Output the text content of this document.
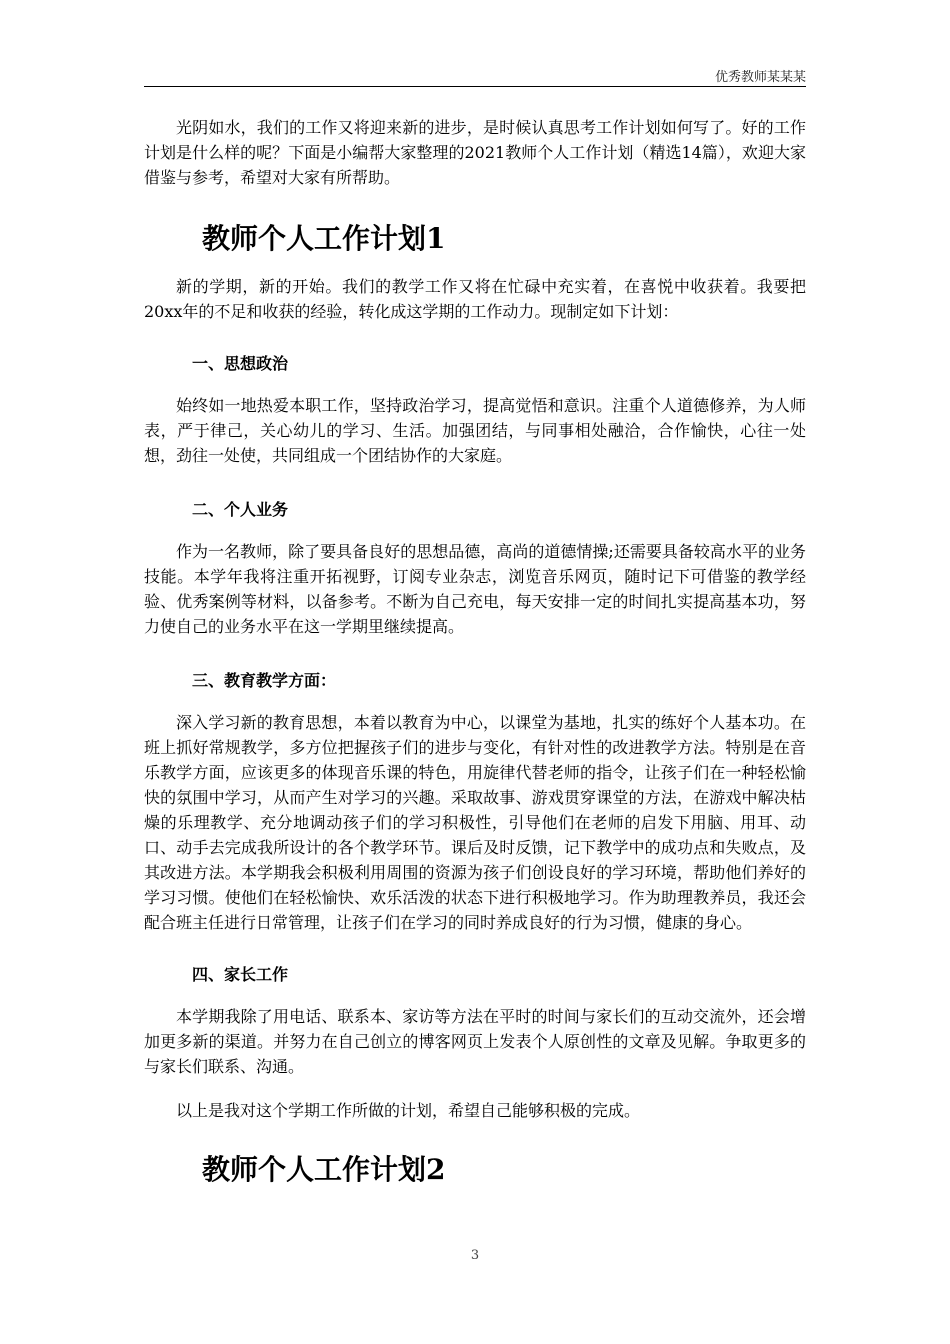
优秀教师某某某

光阴如水，我们的工作又将迎来新的进步，是时候认真思考工作计划如何写了。好的工作计划是什么样的呢？下面是小编帮大家整理的2021教师个人工作计划（精选14篇），欢迎大家借鉴与参考，希望对大家有所帮助。

教师个人工作计划1

新的学期，新的开始。我们的教学工作又将在忙碌中充实着，在喜悦中收获着。我要把20xx年的不足和收获的经验，转化成这学期的工作动力。现制定如下计划：

一、思想政治

始终如一地热爱本职工作，坚持政治学习，提高觉悟和意识。注重个人道德修养，为人师表，严于律己，关心幼儿的学习、生活。加强团结，与同事相处融洽，合作愉快，心往一处想，劲往一处使，共同组成一个团结协作的大家庭。

二、个人业务

作为一名教师，除了要具备良好的思想品德，高尚的道德情操;还需要具备较高水平的业务技能。本学年我将注重开拓视野，订阅专业杂志，浏览音乐网页，随时记下可借鉴的教学经验、优秀案例等材料，以备参考。不断为自己充电，每天安排一定的时间扎实提高基本功，努力使自己的业务水平在这一学期里继续提高。

三、教育教学方面：

深入学习新的教育思想，本着以教育为中心，以课堂为基地，扎实的练好个人基本功。在班上抓好常规教学，多方位把握孩子们的进步与变化，有针对性的改进教学方法。特别是在音乐教学方面，应该更多的体现音乐课的特色，用旋律代替老师的指令，让孩子们在一种轻松愉快的氛围中学习，从而产生对学习的兴趣。采取故事、游戏贯穿课堂的方法，在游戏中解决枯燥的乐理教学、充分地调动孩子们的学习积极性，引导他们在老师的启发下用脑、用耳、动口、动手去完成我所设计的各个教学环节。课后及时反馈，记下教学中的成功点和失败点，及其改进方法。本学期我会积极利用周围的资源为孩子们创设良好的学习环境，帮助他们养好的学习习惯。使他们在轻松愉快、欢乐活泼的状态下进行积极地学习。作为助理教养员，我还会配合班主任进行日常管理，让孩子们在学习的同时养成良好的行为习惯，健康的身心。

四、家长工作

本学期我除了用电话、联系本、家访等方法在平时的时间与家长们的互动交流外，还会增加更多新的渠道。并努力在自己创立的博客网页上发表个人原创性的文章及见解。争取更多的与家长们联系、沟通。

以上是我对这个学期工作所做的计划，希望自己能够积极的完成。

教师个人工作计划2
3
